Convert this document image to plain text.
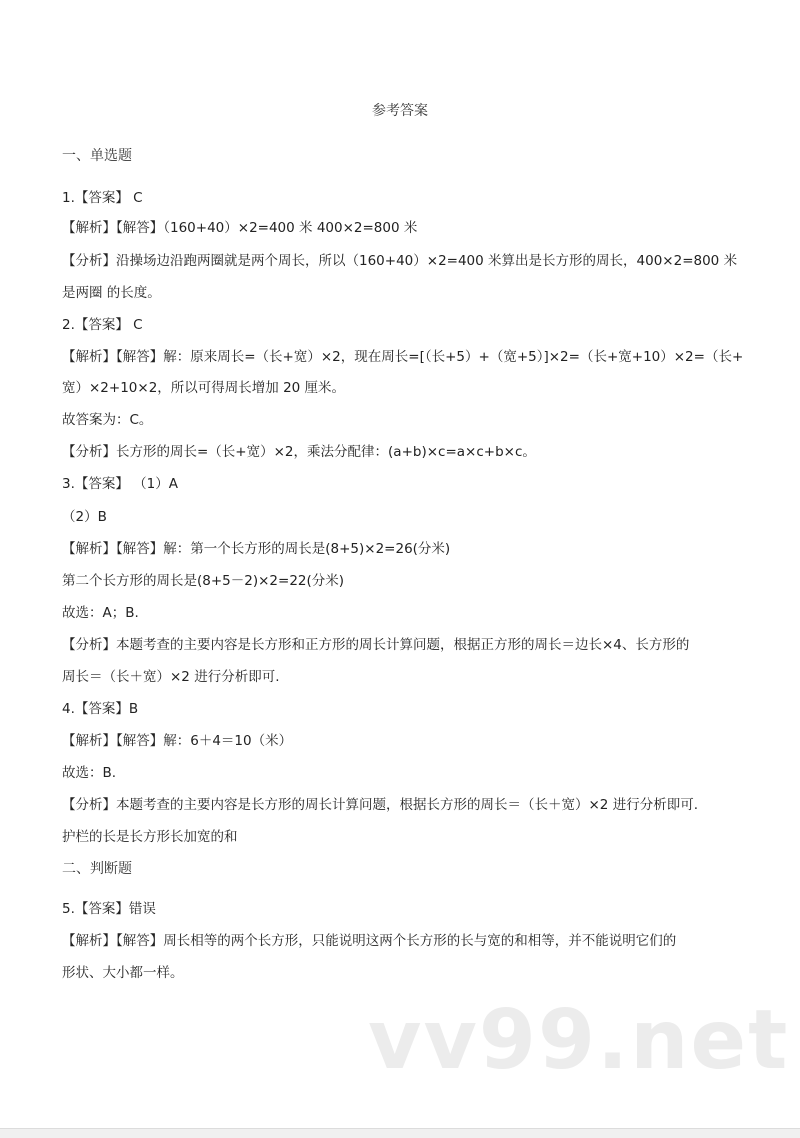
参考答案
一、单选题
1.【答案】 C
【解析】【解答】（160+40）×2=400 米 400×2=800 米
【分析】沿操场边沿跑两圈就是两个周长，所以（160+40）×2=400 米算出是长方形的周长，400×2=800 米
是两圈 的长度。
2.【答案】 C
【解析】【解答】解：原来周长=（长+宽）×2，现在周长=[（长+5）+（宽+5）]×2=（长+宽+10）×2=（长+
宽）×2+10×2，所以可得周长增加 20 厘米。
故答案为：C。
【分析】长方形的周长=（长+宽）×2，乘法分配律：(a+b)×c=a×c+b×c。
3.【答案】 （1）A
（2）B
【解析】【解答】解：第一个长方形的周长是(8+5)×2=26(分米)
第二个长方形的周长是(8+5－2)×2=22(分米)
故选：A；B.
【分析】本题考查的主要内容是长方形和正方形的周长计算问题，根据正方形的周长＝边长×4、长方形的
周长＝（长＋宽）×2 进行分析即可.
4.【答案】B
【解析】【解答】解：6＋4＝10（米）
故选：B.
【分析】本题考查的主要内容是长方形的周长计算问题，根据长方形的周长＝（长＋宽）×2 进行分析即可.
护栏的长是长方形长加宽的和
二、判断题
5.【答案】错误
【解析】【解答】周长相等的两个长方形，只能说明这两个长方形的长与宽的和相等，并不能说明它们的
形状、大小都一样。
vv99.net
